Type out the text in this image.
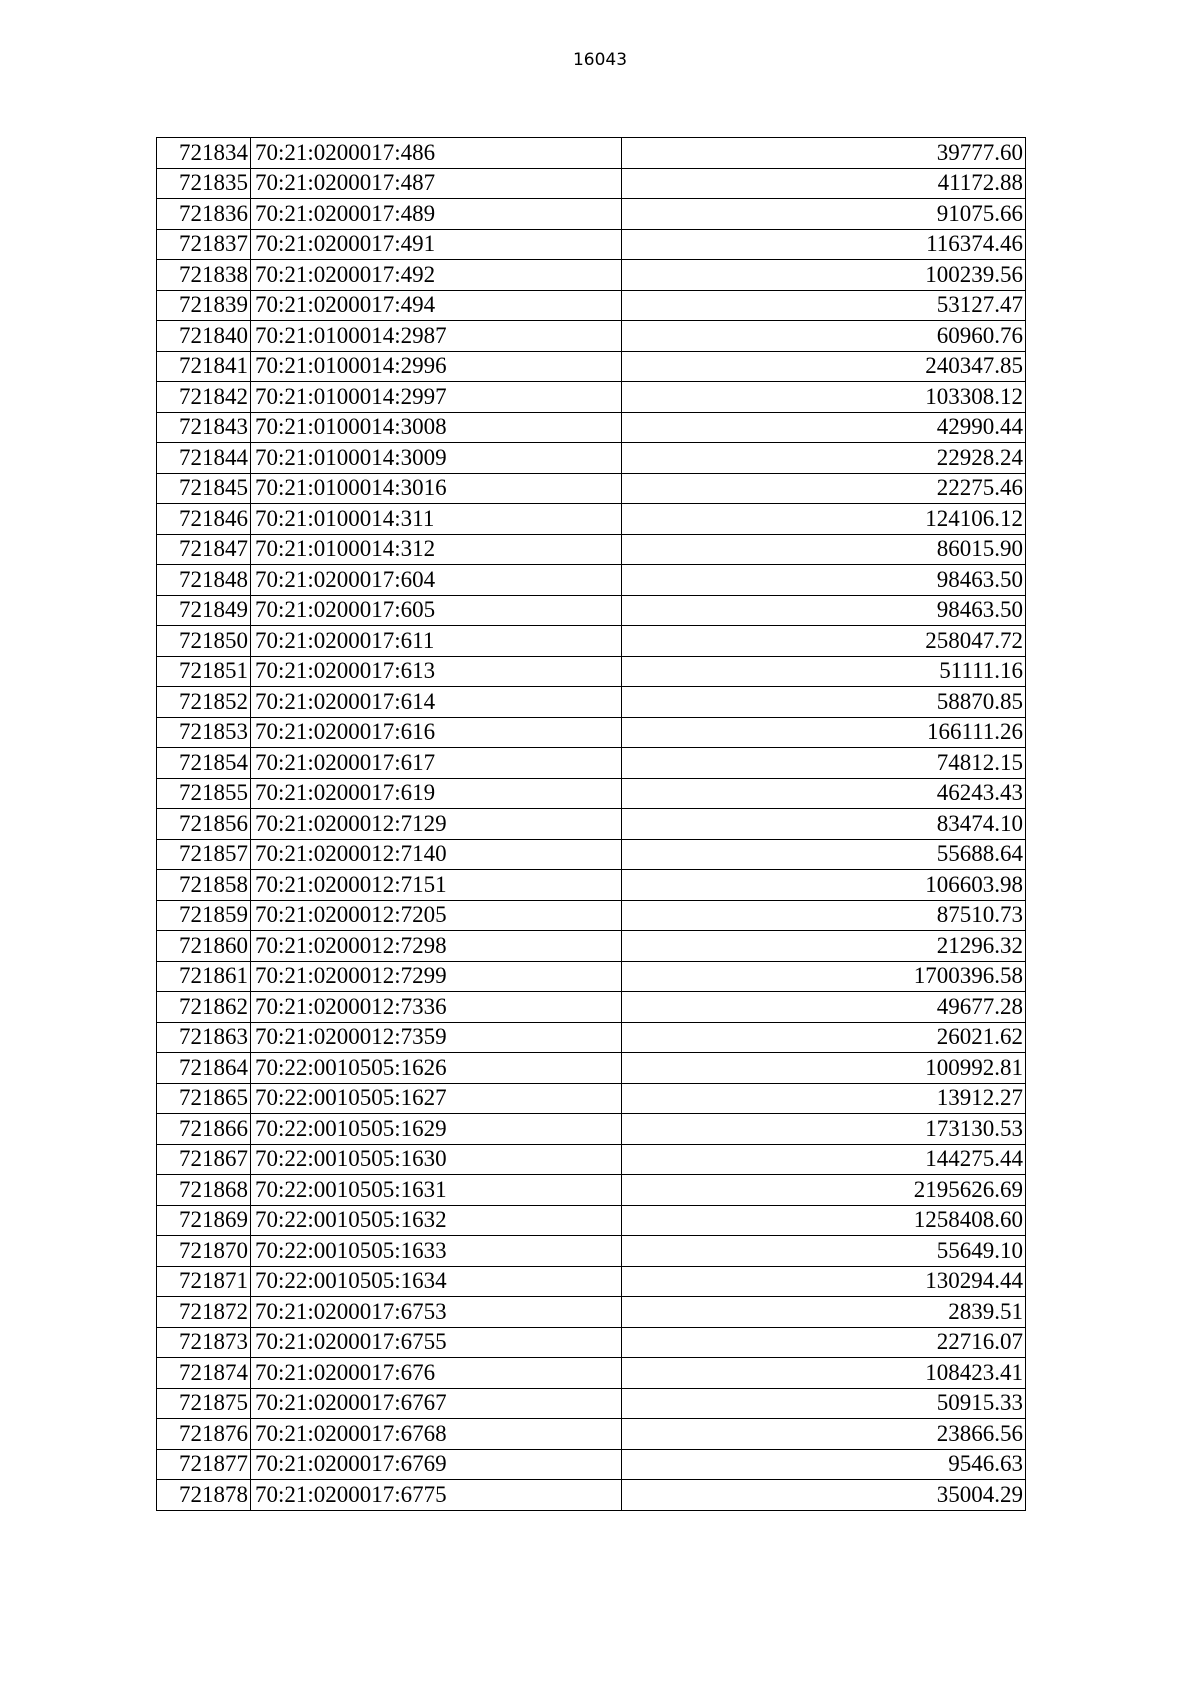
16043
721834	70:21:0200017:486	39777.60
721835	70:21:0200017:487	41172.88
721836	70:21:0200017:489	91075.66
721837	70:21:0200017:491	116374.46
721838	70:21:0200017:492	100239.56
721839	70:21:0200017:494	53127.47
721840	70:21:0100014:2987	60960.76
721841	70:21:0100014:2996	240347.85
721842	70:21:0100014:2997	103308.12
721843	70:21:0100014:3008	42990.44
721844	70:21:0100014:3009	22928.24
721845	70:21:0100014:3016	22275.46
721846	70:21:0100014:311	124106.12
721847	70:21:0100014:312	86015.90
721848	70:21:0200017:604	98463.50
721849	70:21:0200017:605	98463.50
721850	70:21:0200017:611	258047.72
721851	70:21:0200017:613	51111.16
721852	70:21:0200017:614	58870.85
721853	70:21:0200017:616	166111.26
721854	70:21:0200017:617	74812.15
721855	70:21:0200017:619	46243.43
721856	70:21:0200012:7129	83474.10
721857	70:21:0200012:7140	55688.64
721858	70:21:0200012:7151	106603.98
721859	70:21:0200012:7205	87510.73
721860	70:21:0200012:7298	21296.32
721861	70:21:0200012:7299	1700396.58
721862	70:21:0200012:7336	49677.28
721863	70:21:0200012:7359	26021.62
721864	70:22:0010505:1626	100992.81
721865	70:22:0010505:1627	13912.27
721866	70:22:0010505:1629	173130.53
721867	70:22:0010505:1630	144275.44
721868	70:22:0010505:1631	2195626.69
721869	70:22:0010505:1632	1258408.60
721870	70:22:0010505:1633	55649.10
721871	70:22:0010505:1634	130294.44
721872	70:21:0200017:6753	2839.51
721873	70:21:0200017:6755	22716.07
721874	70:21:0200017:676	108423.41
721875	70:21:0200017:6767	50915.33
721876	70:21:0200017:6768	23866.56
721877	70:21:0200017:6769	9546.63
721878	70:21:0200017:6775	35004.29
